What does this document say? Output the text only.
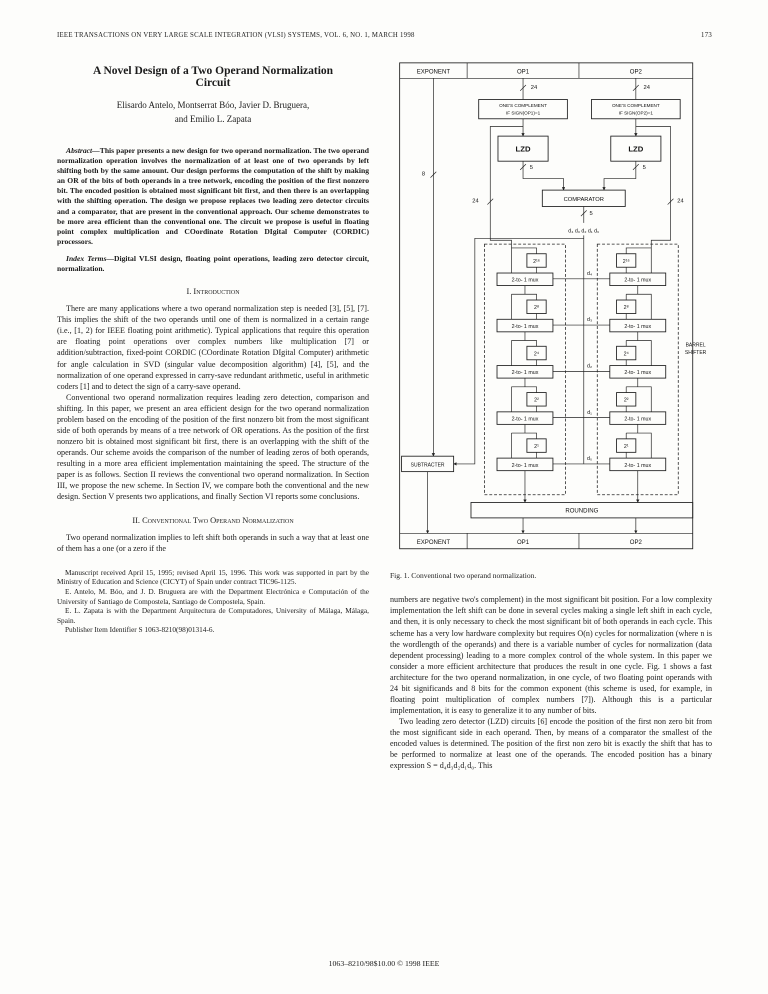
IEEE TRANSACTIONS ON VERY LARGE SCALE INTEGRATION (VLSI) SYSTEMS, VOL. 6, NO. 1, MARCH 1998	173
A Novel Design of a Two Operand Normalization Circuit
Elisardo Antelo, Montserrat Bóo, Javier D. Bruguera,
and Emilio L. Zapata

Abstract—This paper presents a new design for two operand normalization. The two operand normalization operation involves the normalization of at least one of two operands by left shifting both by the same amount. Our design performs the computation of the shift by making an OR of the bits of both operands in a tree network, encoding the position of the first nonzero bit. The encoded position is obtained most significant bit first, and then there is an overlapping with the shifting operation. The design we propose replaces two leading zero detector circuits and a comparator, that are present in the conventional approach. Our scheme demonstrates to be more area efficient than the conventional one. The circuit we propose is useful in floating point complex multiplication and COordinate Rotation DIgital Computer (CORDIC) processors.

Index Terms—Digital VLSI design, floating point operations, leading zero detector circuit, normalization.

I. Introduction

There are many applications where a two operand normalization step is needed [3], [5], [7]. This implies the shift of the two operands until one of them is normalized in a certain range (i.e., [1, 2) for IEEE floating point arithmetic). Typical applications that require this operation are floating point operations over complex numbers like multiplication [7] or addition/subtraction, fixed-point CORDIC (COordinate Rotation DIgital Computer) arithmetic for angle calculation in SVD (singular value decomposition algorithm) [4], [5], and the normalization of one operand expressed in carry-save redundant arithmetic, useful in arithmetic coders [1] and to detect the sign of a carry-save operand.

Conventional two operand normalization requires leading zero detection, comparison and shifting. In this paper, we present an area efficient design for the two operand normalization problem based on the encoding of the position of the first nonzero bit from the most significant side of both operands by means of a tree network of OR operations. As the position of the first nonzero bit is obtained most significant bit first, there is an overlapping with the shift of the operands. Our scheme avoids the comparison of the number of leading zeros of both operands, resulting in a more area efficient implementation maintaining the speed. The structure of the paper is as follows. Section II reviews the conventional two operand normalization. In Section III, we propose the new scheme. In Section IV, we compare both the conventional and the new design. Section V presents two applications, and finally Section VI reports some conclusions.

II. Conventional Two Operand Normalization

Two operand normalization implies to left shift both operands in such a way that at least one of them has a one (or a zero if the

Manuscript received April 15, 1995; revised April 15, 1996. This work was supported in part by the Ministry of Education and Science (CICYT) of Spain under contract TIC96-1125.

E. Antelo, M. Bóo, and J. D. Bruguera are with the Department Electrónica e Computación of the University of Santiago de Compostela, Santiago de Compostela, Spain.

E. L. Zapata is with the Department Arquitectura de Computadores, University of Málaga, Málaga, Spain.

Publisher Item Identifier S 1063-8210(98)01314-6.

EXPONENT	OP1	OP2
24	24
ONE'S COMPLEMENT
IF SIGN(OP1)=1
ONE'S COMPLEMENT
IF SIGN(OP2)=1
8
LZD	LZD
24	24
5	5
COMPARATOR
5
d₄ d₃ d₂ d₁ d₀
d₄
d₃
d₂
d₁
d₀
BARREL
SHIFTER
2¹⁶
2-to- 1 mux
2⁸
2-to- 1 mux
2⁴
2-to- 1 mux
2²
2-to- 1 mux
2¹
2-to- 1 mux
2¹⁶
2-to- 1 mux
2⁸
2-to- 1 mux
2⁴
2-to- 1 mux
2²
2-to- 1 mux
2¹
2-to- 1 mux
SUBTRACTER
ROUNDING
EXPONENT	OP1	OP2
Fig. 1. Conventional two operand normalization.

numbers are negative two's complement) in the most significant bit position. For a low complexity implementation the left shift can be done in several cycles making a single left shift in each cycle, and then, it is only necessary to check the most significant bit of both operands in each cycle. This scheme has a very low hardware complexity but requires O(n) cycles for normalization (where n is the wordlength of the operands) and there is a variable number of cycles for normalization (data dependent processing) leading to a more complex control of the whole system. In this paper we consider a more efficient architecture that produces the result in one cycle. Fig. 1 shows a fast architecture for the two operand normalization, in one cycle, of two floating point operands with 24 bit significands and 8 bits for the common exponent (this scheme is used, for example, in floating point multiplication of complex numbers [7]). Although this is a particular implementation, it is easy to generalize it to any number of bits.

Two leading zero detector (LZD) circuits [6] encode the position of the first non zero bit from the most significant side in each operand. Then, by means of a comparator the smallest of the encoded values is determined. The position of the first non zero bit is exactly the shift that has to be performed to normalize at least one of the operands. The encoded position has a binary expression S = d₄d₃d₂d₁d₀. This

1063–8210/98$10.00 © 1998 IEEE
